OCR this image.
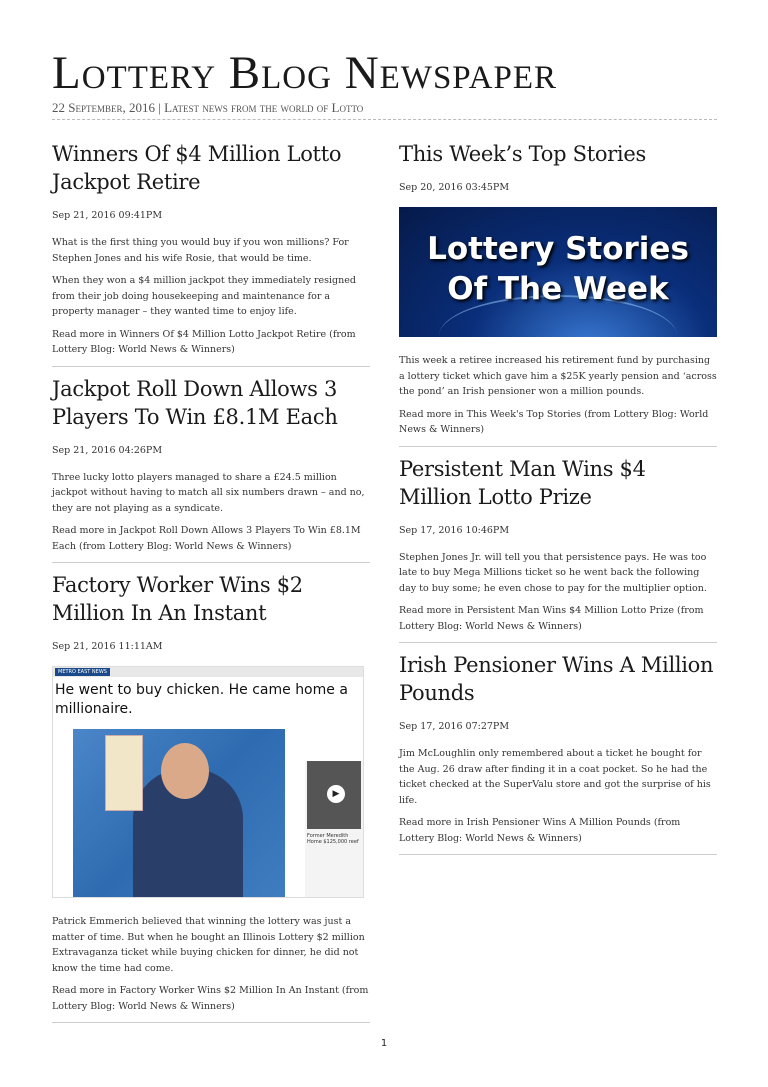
Lottery Blog Newspaper
22 September, 2016 | Latest news from the world of Lotto
Winners Of $4 Million Lotto Jackpot Retire
Sep 21, 2016 09:41PM

What is the first thing you would buy if you won millions? For Stephen Jones and his wife Rosie, that would be time.

When they won a $4 million jackpot they immediately resigned from their job doing housekeeping and maintenance for a property manager – they wanted time to enjoy life.

Read more in Winners Of $4 Million Lotto Jackpot Retire (from Lottery Blog: World News & Winners)

Jackpot Roll Down Allows 3 Players To Win £8.1M Each
Sep 21, 2016 04:26PM

Three lucky lotto players managed to share a £24.5 million jackpot without having to match all six numbers drawn – and no, they are not playing as a syndicate.

Read more in Jackpot Roll Down Allows 3 Players To Win £8.1M Each (from Lottery Blog: World News & Winners)

Factory Worker Wins $2 Million In An Instant
Sep 21, 2016 11:11AM
METRO EAST NEWS
He went to buy chicken. He came home a millionaire.
▶
Former Meredith Home $125,000 reef

Patrick Emmerich believed that winning the lottery was just a matter of time. But when he bought an Illinois Lottery $2 million Extravaganza ticket while buying chicken for dinner, he did not know the time had come.

Read more in Factory Worker Wins $2 Million In An Instant (from Lottery Blog: World News & Winners)

This Week’s Top Stories
Sep 20, 2016 03:45PM
Lottery Stories
Of The Week

This week a retiree increased his retirement fund by purchasing a lottery ticket which gave him a $25K yearly pension and ‘across the pond’ an Irish pensioner won a million pounds.

Read more in This Week's Top Stories (from Lottery Blog: World News & Winners)

Persistent Man Wins $4 Million Lotto Prize
Sep 17, 2016 10:46PM

Stephen Jones Jr. will tell you that persistence pays. He was too late to buy Mega Millions ticket so he went back the following day to buy some; he even chose to pay for the multiplier option.

Read more in Persistent Man Wins $4 Million Lotto Prize (from Lottery Blog: World News & Winners)

Irish Pensioner Wins A Million Pounds
Sep 17, 2016 07:27PM

Jim McLoughlin only remembered about a ticket he bought for the Aug. 26 draw after finding it in a coat pocket. So he had the ticket checked at the SuperValu store and got the surprise of his life.

Read more in Irish Pensioner Wins A Million Pounds (from Lottery Blog: World News & Winners)

1
